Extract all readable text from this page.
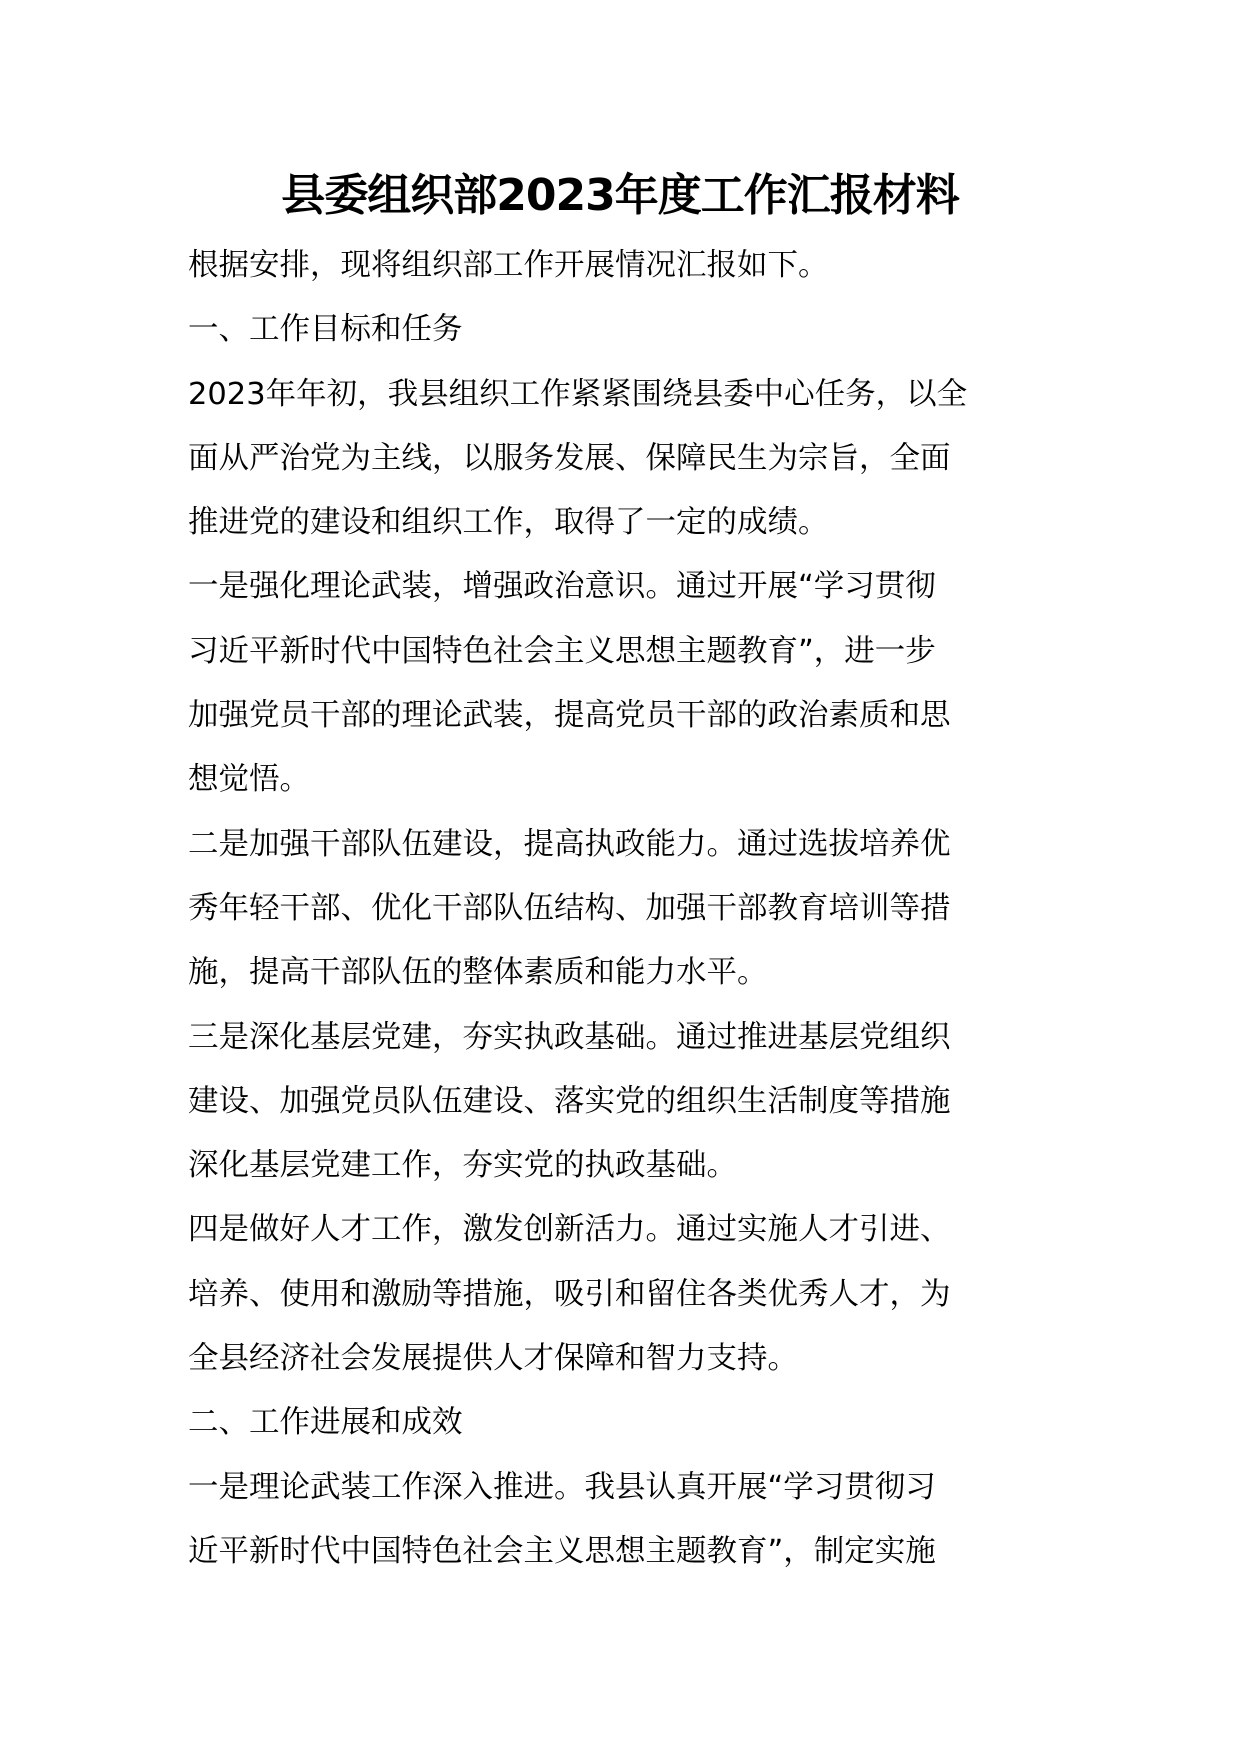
县委组织部2023年度工作汇报材料
根据安排，现将组织部工作开展情况汇报如下。
一、工作目标和任务
2023年年初，我县组织工作紧紧围绕县委中心任务，以全
面从严治党为主线，以服务发展、保障民生为宗旨，全面
推进党的建设和组织工作，取得了一定的成绩。
一是强化理论武装，增强政治意识。通过开展“学习贯彻
习近平新时代中国特色社会主义思想主题教育”，进一步
加强党员干部的理论武装，提高党员干部的政治素质和思
想觉悟。
二是加强干部队伍建设，提高执政能力。通过选拔培养优
秀年轻干部、优化干部队伍结构、加强干部教育培训等措
施，提高干部队伍的整体素质和能力水平。
三是深化基层党建，夯实执政基础。通过推进基层党组织
建设、加强党员队伍建设、落实党的组织生活制度等措施
深化基层党建工作，夯实党的执政基础。
四是做好人才工作，激发创新活力。通过实施人才引进、
培养、使用和激励等措施，吸引和留住各类优秀人才，为
全县经济社会发展提供人才保障和智力支持。
二、工作进展和成效
一是理论武装工作深入推进。我县认真开展“学习贯彻习
近平新时代中国特色社会主义思想主题教育”，制定实施
